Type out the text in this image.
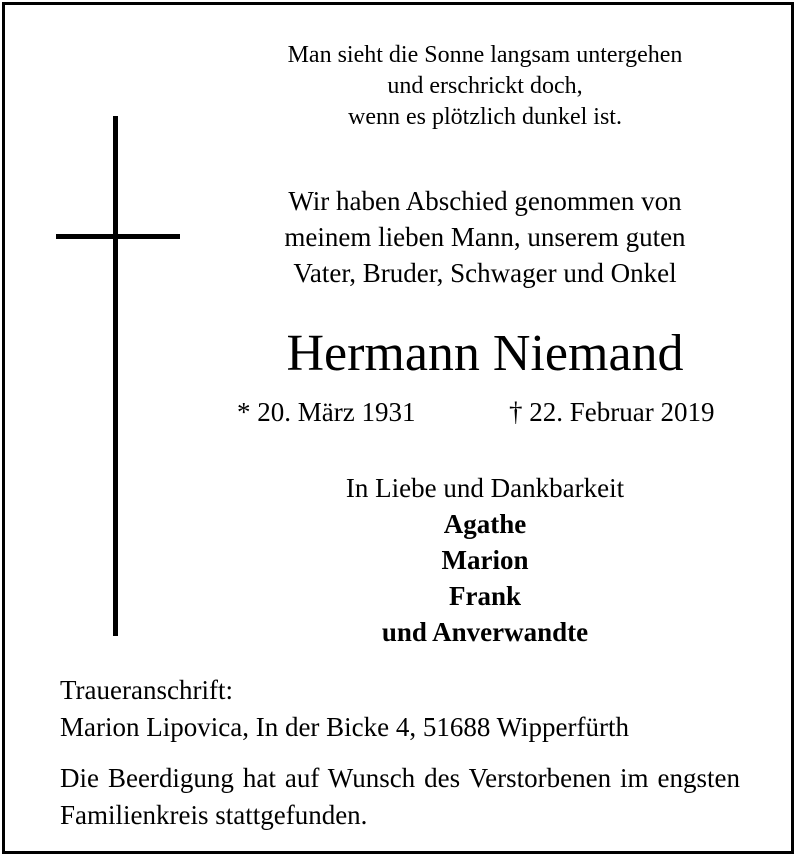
Man sieht die Sonne langsam untergehen
und erschrickt doch,
wenn es plötzlich dunkel ist.
Wir haben Abschied genommen von
meinem lieben Mann, unserem guten
Vater, Bruder, Schwager und Onkel
Hermann Niemand
* 20. März 1931	† 22. Februar 2019
In Liebe und Dankbarkeit
Agathe
Marion
Frank
und Anverwandte
Traueranschrift:
Marion Lipovica, In der Bicke 4, 51688 Wipperfürth
Die Beerdigung hat auf Wunsch des Verstorbenen im engsten Familienkreis stattgefunden.
